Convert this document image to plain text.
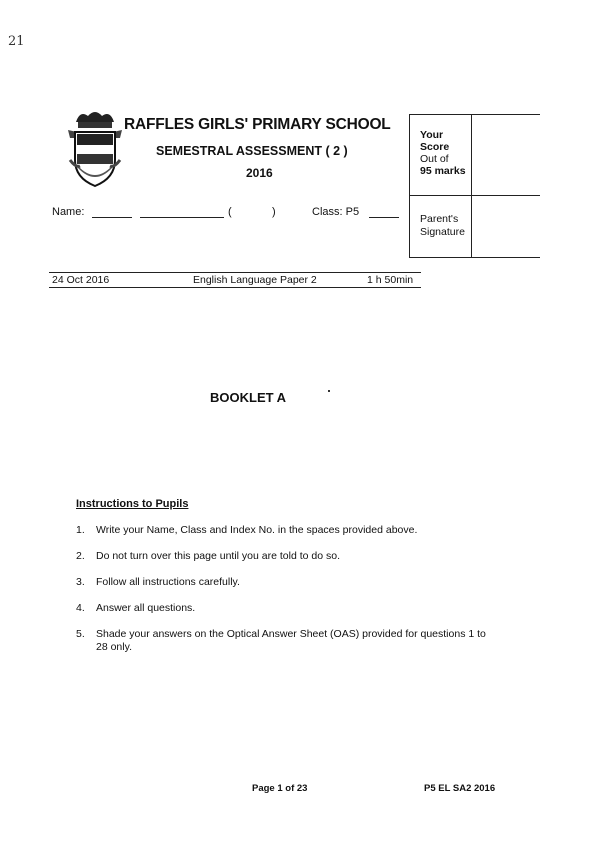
21
RAFFLES GIRLS' PRIMARY SCHOOL
SEMESTRAL ASSESSMENT ( 2 )
2016
Your
Score
Out of
95 marks
Parent's
Signature
Name:	(	)	Class: P5
24 Oct 2016	English Language Paper 2	1 h 50min
BOOKLET A
Instructions to Pupils
1.	Write your Name, Class and Index No. in the spaces provided above.
2.	Do not turn over this page until you are told to do so.
3.	Follow all instructions carefully.
4.	Answer all questions.
5.	Shade your answers on the Optical Answer Sheet (OAS) provided for questions 1 to 28 only.
Page 1 of 23	P5 EL SA2 2016
